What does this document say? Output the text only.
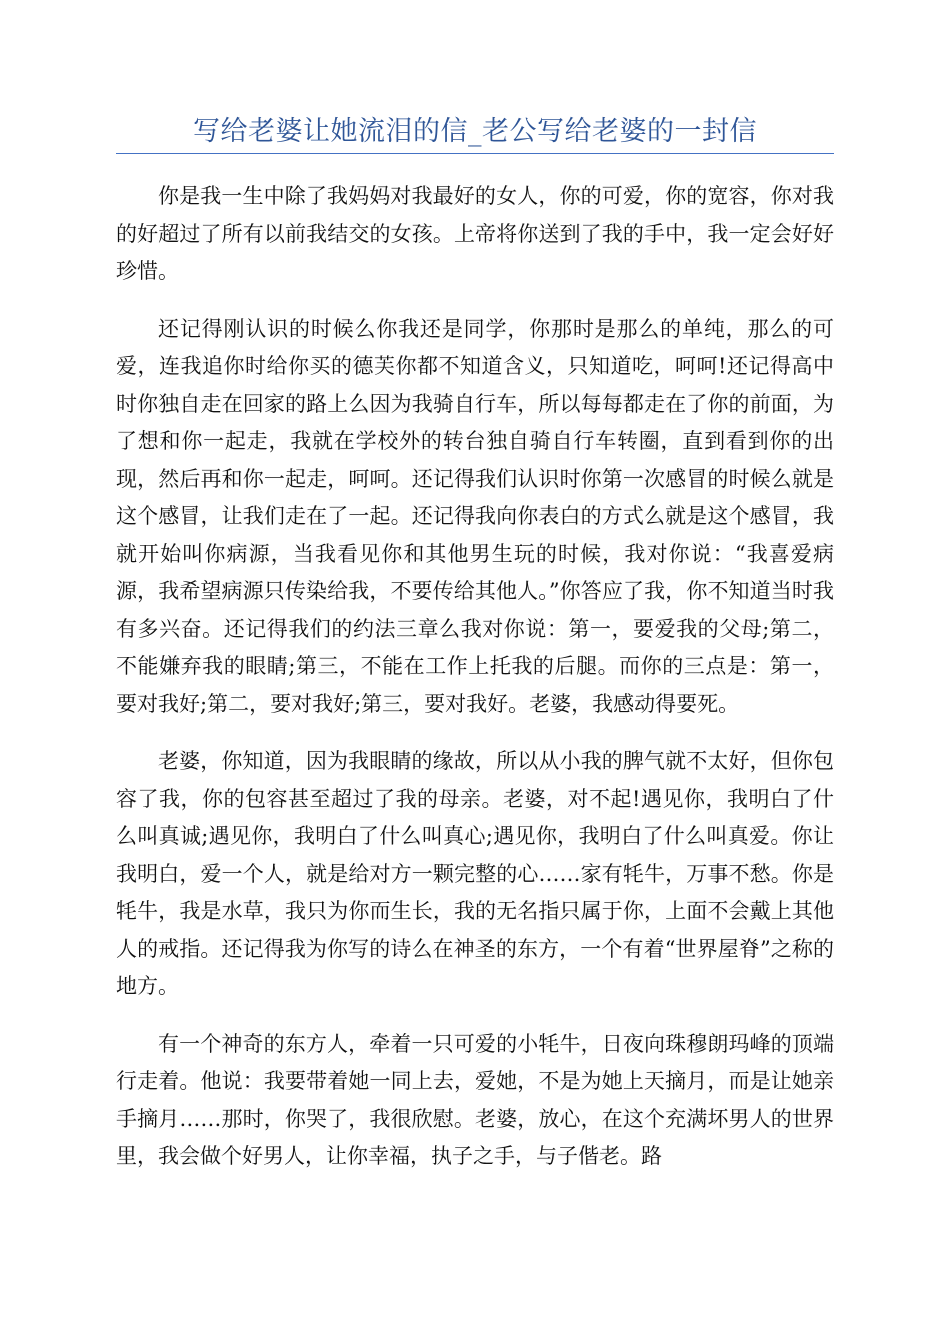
写给老婆让她流泪的信_老公写给老婆的一封信

你是我一生中除了我妈妈对我最好的女人，你的可爱，你的宽容，你对我的好超过了所有以前我结交的女孩。上帝将你送到了我的手中，我一定会好好珍惜。

还记得刚认识的时候么你我还是同学，你那时是那么的单纯，那么的可爱，连我追你时给你买的德芙你都不知道含义，只知道吃，呵呵!还记得高中时你独自走在回家的路上么因为我骑自行车，所以每每都走在了你的前面，为了想和你一起走，我就在学校外的转台独自骑自行车转圈，直到看到你的出现，然后再和你一起走，呵呵。还记得我们认识时你第一次感冒的时候么就是这个感冒，让我们走在了一起。还记得我向你表白的方式么就是这个感冒，我就开始叫你病源，当我看见你和其他男生玩的时候，我对你说：“我喜爱病源，我希望病源只传染给我，不要传给其他人。”你答应了我，你不知道当时我有多兴奋。还记得我们的约法三章么我对你说：第一，要爱我的父母;第二，不能嫌弃我的眼睛;第三，不能在工作上托我的后腿。而你的三点是：第一，要对我好;第二，要对我好;第三，要对我好。老婆，我感动得要死。

老婆，你知道，因为我眼睛的缘故，所以从小我的脾气就不太好，但你包容了我，你的包容甚至超过了我的母亲。老婆，对不起!遇见你，我明白了什么叫真诚;遇见你，我明白了什么叫真心;遇见你，我明白了什么叫真爱。你让我明白，爱一个人，就是给对方一颗完整的心……家有牦牛，万事不愁。你是牦牛，我是水草，我只为你而生长，我的无名指只属于你，上面不会戴上其他人的戒指。还记得我为你写的诗么在神圣的东方，一个有着“世界屋脊”之称的地方。

有一个神奇的东方人，牵着一只可爱的小牦牛，日夜向珠穆朗玛峰的顶端行走着。他说：我要带着她一同上去，爱她，不是为她上天摘月，而是让她亲手摘月……那时，你哭了，我很欣慰。老婆，放心，在这个充满坏男人的世界里，我会做个好男人，让你幸福，执子之手，与子偕老。路
